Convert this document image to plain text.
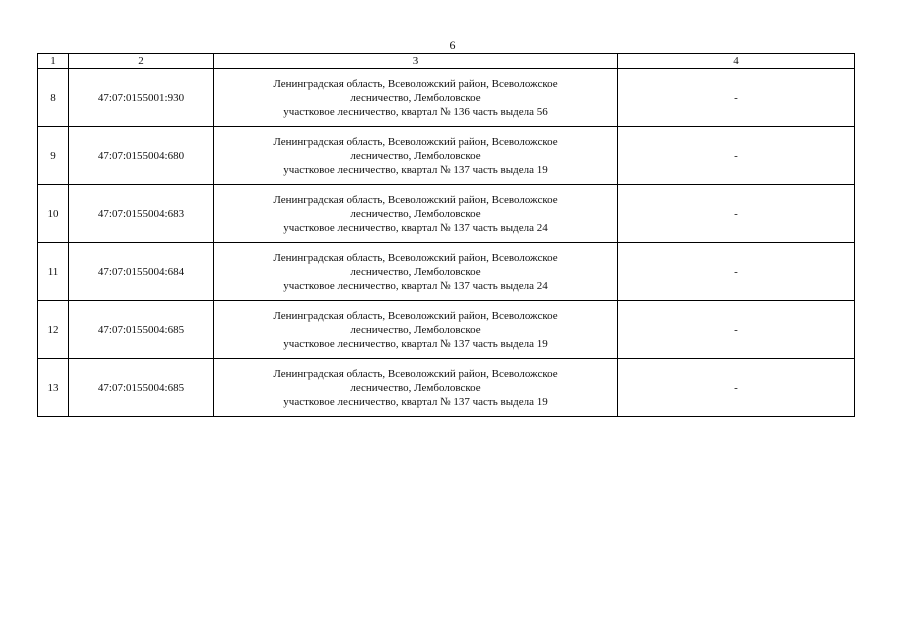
6
1	2	3	4
8	47:07:0155001:930	Ленинградская область, Всеволожский район, Всеволожское
лесничество, Лемболовское
участковое лесничество, квартал № 136 часть выдела 56	-
9	47:07:0155004:680	Ленинградская область, Всеволожский район, Всеволожское
лесничество, Лемболовское
участковое лесничество, квартал № 137 часть выдела 19	-
10	47:07:0155004:683	Ленинградская область, Всеволожский район, Всеволожское
лесничество, Лемболовское
участковое лесничество, квартал № 137 часть выдела 24	-
11	47:07:0155004:684	Ленинградская область, Всеволожский район, Всеволожское
лесничество, Лемболовское
участковое лесничество, квартал № 137 часть выдела 24	-
12	47:07:0155004:685	Ленинградская область, Всеволожский район, Всеволожское
лесничество, Лемболовское
участковое лесничество, квартал № 137 часть выдела 19	-
13	47:07:0155004:685	Ленинградская область, Всеволожский район, Всеволожское
лесничество, Лемболовское
участковое лесничество, квартал № 137 часть выдела 19	-
